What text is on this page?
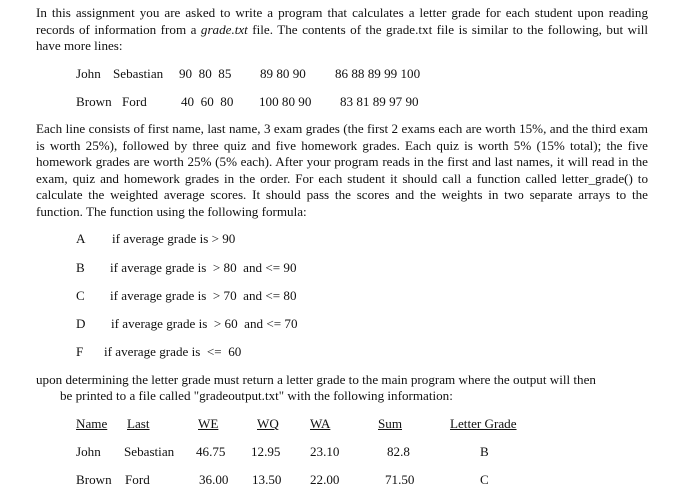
In this assignment you are asked to write a program that calculates a letter grade for each student upon reading records of information from a grade.txt file. The contents of the grade.txt file is similar to the following, but will have more lines:

John Sebastian 90  80  85 89 80 90 86 88 89 99 100
Brown Ford	40  60  80 100 80 90 83 81 89 97 90

Each line consists of first name, last name, 3 exam grades (the first 2 exams each are worth 15%, and the third exam is worth 25%), followed by three quiz and five homework grades. Each quiz is worth 5% (15% total); the five homework grades are worth 25% (5% each). After your program reads in the first and last names, it will read in the exam, quiz and homework grades in the order. For each student it should call a function called letter_grade() to calculate the weighted average scores. It should pass the scores and the weights in two separate arrays to the function. The function using the following formula:

A if average grade is > 90
B if average grade is  > 80  and <= 90
C if average grade is  > 70  and <= 80
D if average grade is  > 60  and <= 70
F if average grade is  <=  60
upon determining the letter grade must return a letter grade to the main program where the output will then
be printed to a file called "gradeoutput.txt" with the following information:
Name Last	WE	WQ WA	Sum	Letter Grade
John Sebastian 46.75 12.95 23.10	82.8	B
Brown Ford	36.00 13.50 22.00	71.50	C
